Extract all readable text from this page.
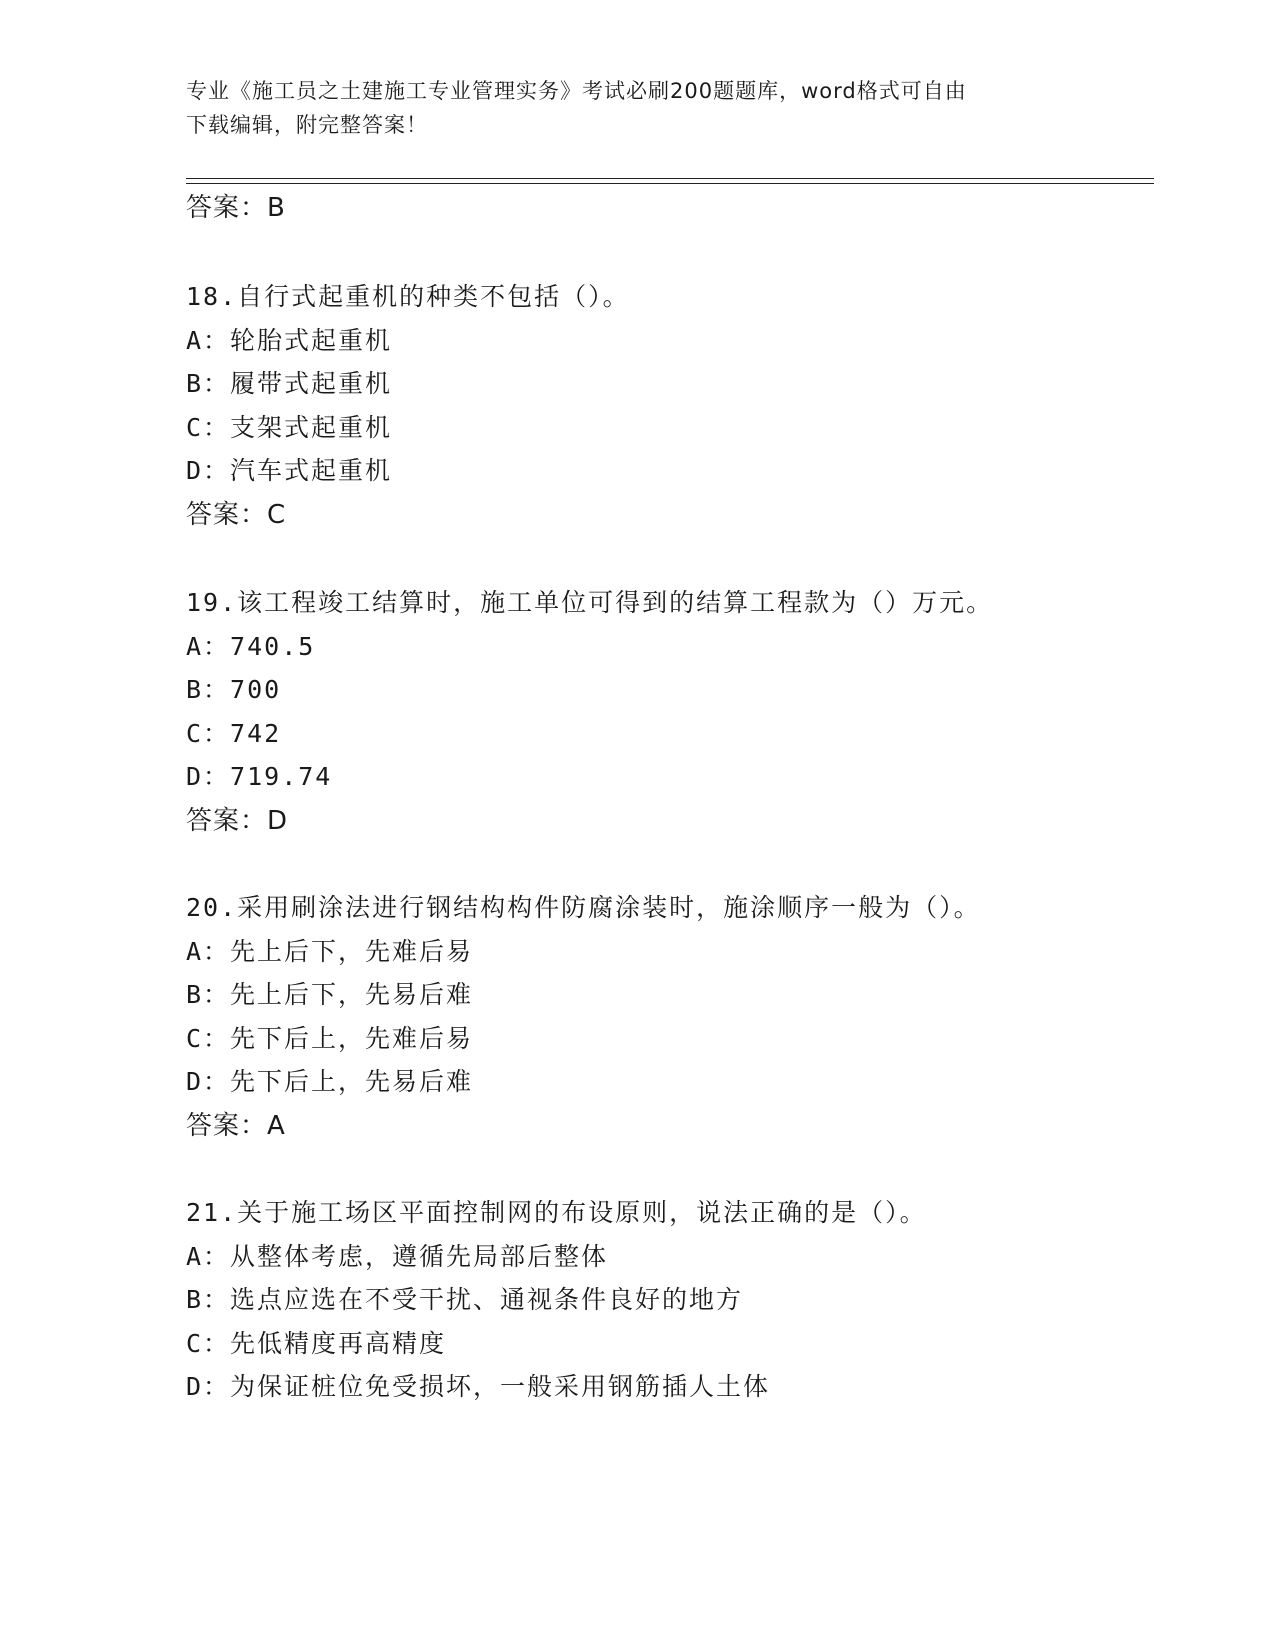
专业《施工员之土建施工专业管理实务》考试必刷200题题库，word格式可自由
下载编辑，附完整答案！
答案：B
18.自行式起重机的种类不包括（）。
A：轮胎式起重机
B：履带式起重机
C：支架式起重机
D：汽车式起重机
答案：C
19.该工程竣工结算时，施工单位可得到的结算工程款为（）万元。
A：740.5
B：700
C：742
D：719.74
答案：D
20.采用刷涂法进行钢结构构件防腐涂装时，施涂顺序一般为（）。
A：先上后下，先难后易
B：先上后下，先易后难
C：先下后上，先难后易
D：先下后上，先易后难
答案：A
21.关于施工场区平面控制网的布设原则，说法正确的是（）。
A：从整体考虑，遵循先局部后整体
B：选点应选在不受干扰、通视条件良好的地方
C：先低精度再高精度
D：为保证桩位免受损坏，一般采用钢筋插人土体
